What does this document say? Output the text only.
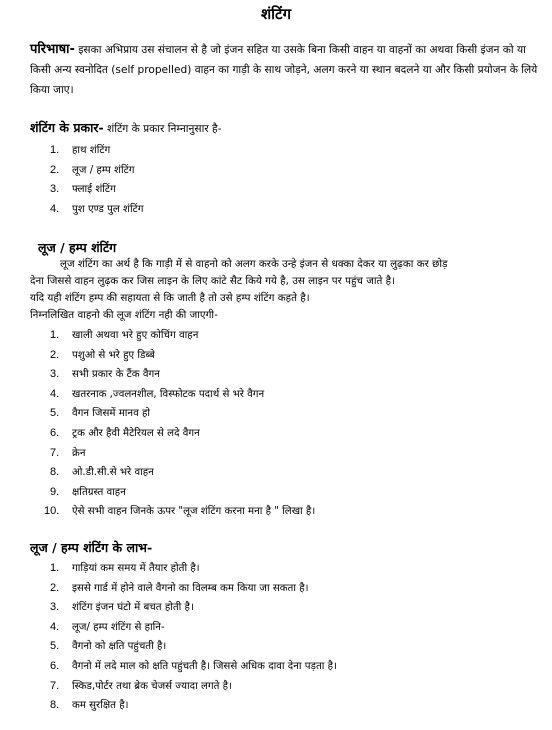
शंटिंग
परिभाषा- इसका अभिप्राय उस संचालन से है जो इंजन सहित या उसके बिना किसी वाहन या वाहनों का अथवा किसी इंजन को या किसी अन्य स्वनोदित (self propelled) वाहन का गाड़ी के साथ जोड़ने, अलग करने या स्थान बदलने या और किसी प्रयोजन के लिये किया जाए।
शंटिंग के प्रकार- शंटिंग के प्रकार निम्नानुसार है-
1. हाथ शंटिंग
2. लूज / हम्प शंटिंग
3. फ्लाई शंटिंग
4. पुश एण्ड पुल शंटिंग
लूज / हम्प शंटिंग
लूज शंटिंग का अर्थ है कि गाड़ी में से वाहनो को अलग करके उन्हे इंजन से धक्का देकर या लुढ़का कर छोड़
देना जिससे वाहन लुढ़क कर जिस लाइन के लिए कांटे सैट किये गये है, उस लाइन पर पहुंच जाते है।
यदि यही शंटिंग हम्प की सहायता से कि जाती है तो उसे हम्प शंटिंग कहते है।
निम्नलिखित वाहनो की लूज शंटिंग नही की जाएगी-
1. खाली अथवा भरे हुए कोचिंग वाहन
2. पशुओ से भरे हुए डिब्बे
3. सभी प्रकार के टैंक वैगन
4. खतरनाक ,ज्वलनशील, विस्फोटक पदार्थ से भरे वैगन
5. वैगन जिसमें मानव हो
6. ट्रक और हैवी मैटेरियल से लदे वैगन
7. क्रेन
8. ओ.डी.सी.से भरे वाहन
9. क्षतिग्रस्त वाहन
10. ऐसे सभी वाहन जिनके ऊपर "लूज शंटिंग करना मना है " लिखा है।
लूज / हम्प शंटिंग के लाभ-
1. गाड़ियां कम समय में तैयार होती है।
2. इससे गार्ड में होने वाले वैगनो का विलम्ब कम किया जा सकता है।
3. शंटिंग इंजन घंटो में बचत होती है।
4. लूज/ हम्प शंटिंग से हानि-
5. वैगनो को क्षति पहुंचती है।
6. वैगनो में लदे माल को क्षति पहुंचती है। जिससे अधिक दावा देना पड़ता है।
7. स्किड,पोर्टर तथा ब्रेक चेजर्स ज्यादा लगते है।
8. कम सुरक्षित है।
